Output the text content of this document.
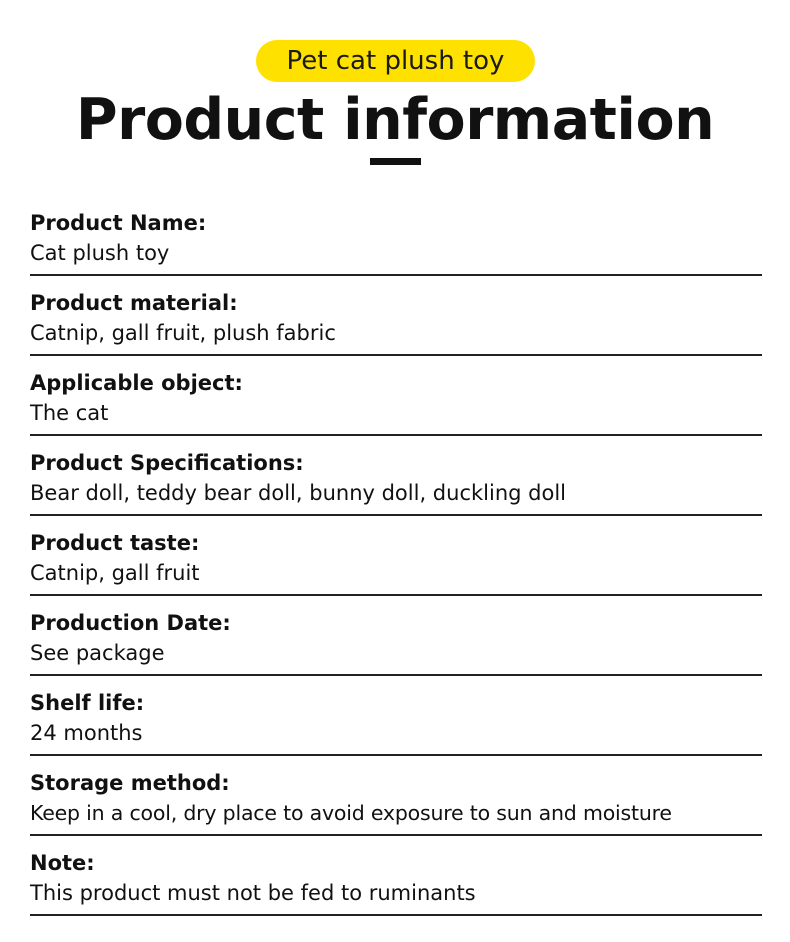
Pet cat plush toy
Product information
Product Name:
Cat plush toy
Product material:
Catnip, gall fruit, plush fabric
Applicable object:
The cat
Product Specifications:
Bear doll, teddy bear doll, bunny doll, duckling doll
Product taste:
Catnip, gall fruit
Production Date:
See package
Shelf life:
24 months
Storage method:
Keep in a cool, dry place to avoid exposure to sun and moisture
Note:
This product must not be fed to ruminants
